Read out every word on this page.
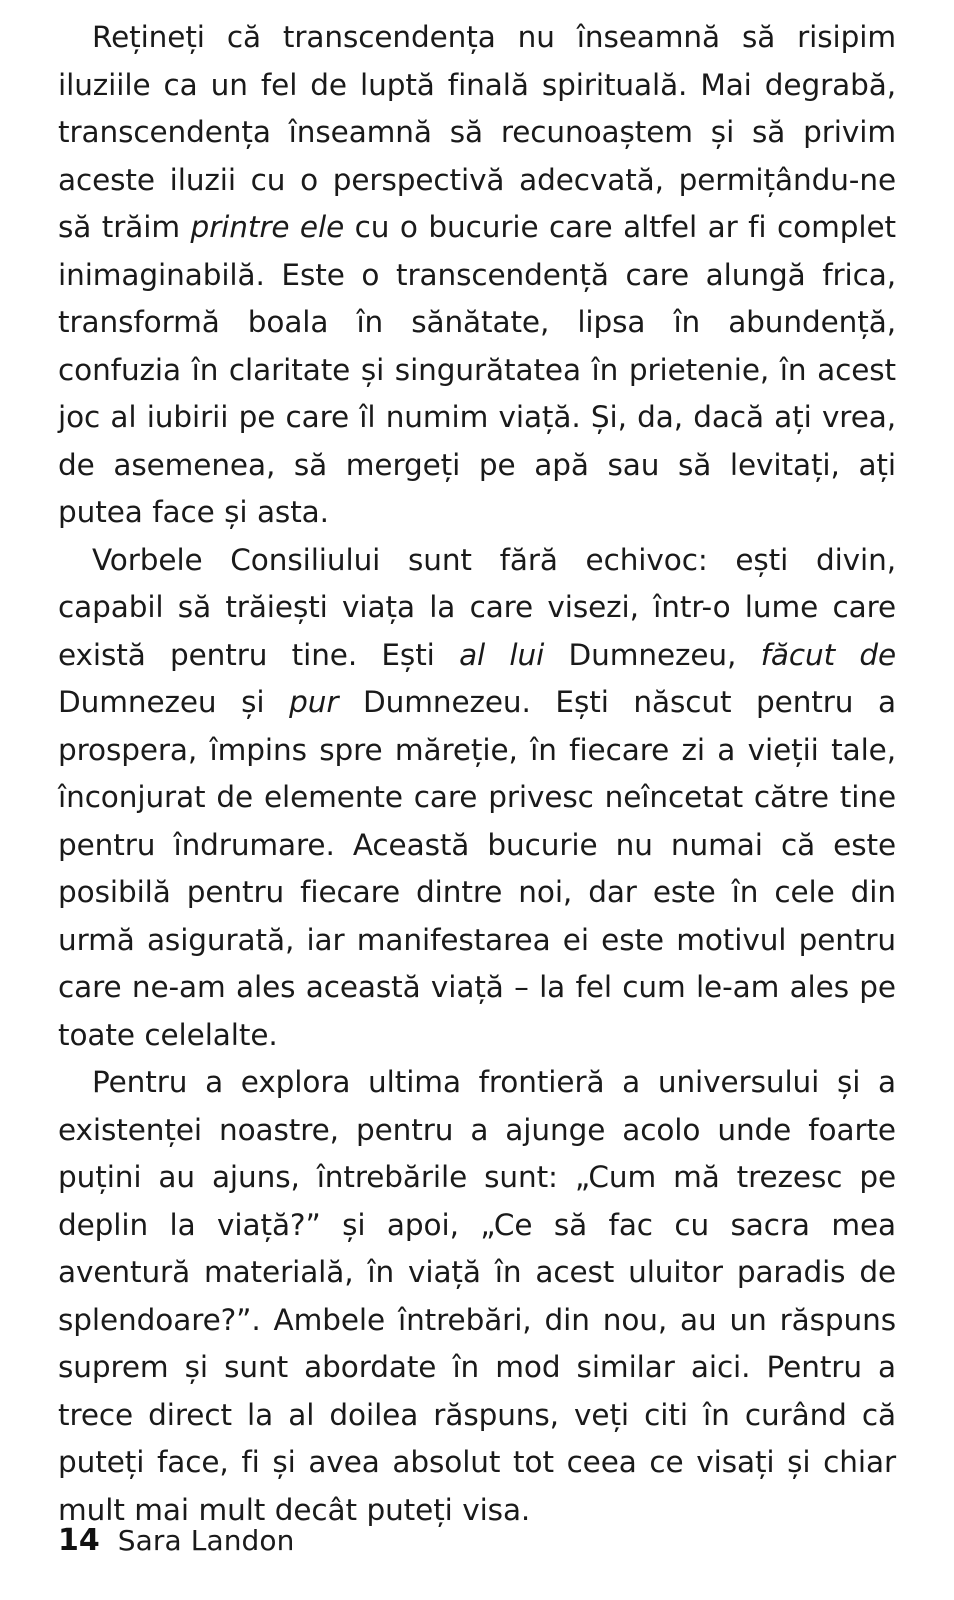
Rețineți că transcendența nu înseamnă să risipim iluziile ca un fel de luptă finală spirituală. Mai degrabă, transcendența înseamnă să recunoaștem și să privim aceste iluzii cu o perspectivă adecvată, permițându-ne să trăim printre ele cu o bucurie care altfel ar fi complet inimaginabilă. Este o transcendență care alungă frica, transformă boala în sănătate, lipsa în abundență, confuzia în claritate și singurătatea în prietenie, în acest joc al iubirii pe care îl numim viață. Și, da, dacă ați vrea, de asemenea, să mergeți pe apă sau să levitați, ați putea face și asta.

Vorbele Consiliului sunt fără echivoc: ești divin, capabil să trăiești viața la care visezi, într-o lume care există pentru tine. Ești al lui Dumnezeu, făcut de Dumnezeu și pur Dumnezeu. Ești născut pentru a prospera, împins spre măreție, în fiecare zi a vieții tale, înconjurat de elemente care privesc neîncetat către tine pentru îndrumare. Această bucurie nu numai că este posibilă pentru fiecare dintre noi, dar este în cele din urmă asigurată, iar manifestarea ei este motivul pentru care ne-am ales această viață – la fel cum le-am ales pe toate celelalte.

Pentru a explora ultima frontieră a universului și a existenței noastre, pentru a ajunge acolo unde foarte puțini au ajuns, întrebările sunt: „Cum mă trezesc pe deplin la viață?” și apoi, „Ce să fac cu sacra mea aventură materială, în viață în acest uluitor paradis de splendoare?”. Ambele întrebări, din nou, au un răspuns suprem și sunt abordate în mod similar aici. Pentru a trece direct la al doilea răspuns, veți citi în curând că puteți face, fi și avea absolut tot ceea ce visați și chiar mult mai mult decât puteți visa.

14 Sara Landon
